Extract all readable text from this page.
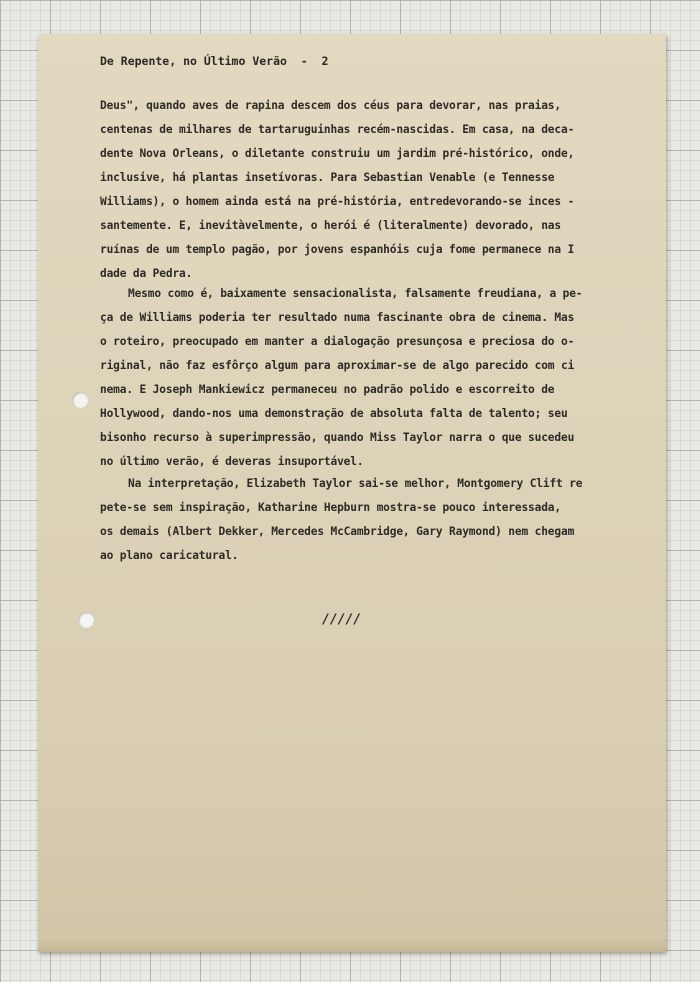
De Repente, no Último Verão  -  2
Deus", quando aves de rapina descem dos céus para devorar, nas praias,
centenas de milhares de tartaruguinhas recém-nascidas. Em casa, na deca-
dente Nova Orleans, o diletante construiu um jardim pré-histórico, onde,
inclusive, há plantas insetívoras. Para Sebastian Venable (e Tennesse
Williams), o homem ainda está na pré-história, entredevorando-se inces -
santemente. E, inevitàvelmente, o herói é (literalmente) devorado, nas
ruínas de um templo pagão, por jovens espanhóis cuja fome permanece na I
dade da Pedra.
Mesmo como é, baixamente sensacionalista, falsamente freudiana, a pe-
ça de Williams poderia ter resultado numa fascinante obra de cinema. Mas
o roteiro, preocupado em manter a dialogação presunçosa e preciosa do o-
riginal, não faz esfôrço algum para aproximar-se de algo parecido com ci
nema. E Joseph Mankiewicz permaneceu no padrão polido e escorreito de
Hollywood, dando-nos uma demonstração de absoluta falta de talento; seu
bisonho recurso à superimpressão, quando Miss Taylor narra o que sucedeu
no último verão, é deveras insuportável.
Na interpretação, Elizabeth Taylor sai-se melhor, Montgomery Clift re
pete-se sem inspiração, Katharine Hepburn mostra-se pouco interessada,
os demais (Albert Dekker, Mercedes McCambridge, Gary Raymond) nem chegam
ao plano caricatural.
/////
